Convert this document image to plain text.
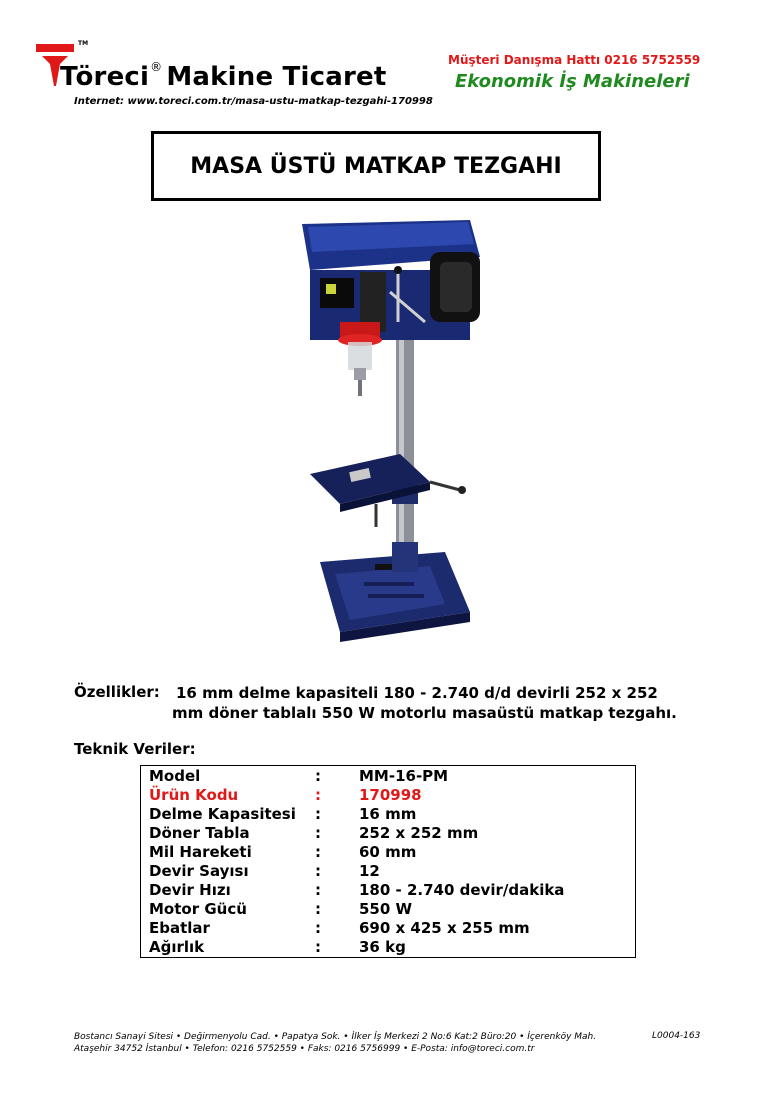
TM
Töreci® Makine Ticaret
Internet: www.toreci.com.tr/masa-ustu-matkap-tezgahi-170998
Müşteri Danışma Hattı 0216 5752559
Ekonomik İş Makineleri
MASA ÜSTÜ MATKAP TEZGAHI
Özellikler: 16 mm delme kapasiteli 180 - 2.740 d/d devirli 252 x 252
mm döner tablalı 550 W motorlu masaüstü matkap tezgahı.
Teknik Veriler:
Model	:	MM-16-PM
Ürün Kodu	:	170998
Delme Kapasitesi :	16 mm
Döner Tabla	:	252 x 252 mm
Mil Hareketi	:	60 mm
Devir Sayısı	:	12
Devir Hızı	:	180 - 2.740 devir/dakika
Motor Gücü	:	550 W
Ebatlar	:	690 x 425 x 255 mm
Ağırlık	:	36 kg
Bostancı Sanayi Sitesi • Değirmenyolu Cad. • Papatya Sok. • İlker İş Merkezi 2 No:6 Kat:2 Büro:20 • İçerenköy Mah.
Ataşehir 34752 İstanbul • Telefon: 0216 5752559 • Faks: 0216 5756999 • E-Posta: info@toreci.com.tr
L0004-163
